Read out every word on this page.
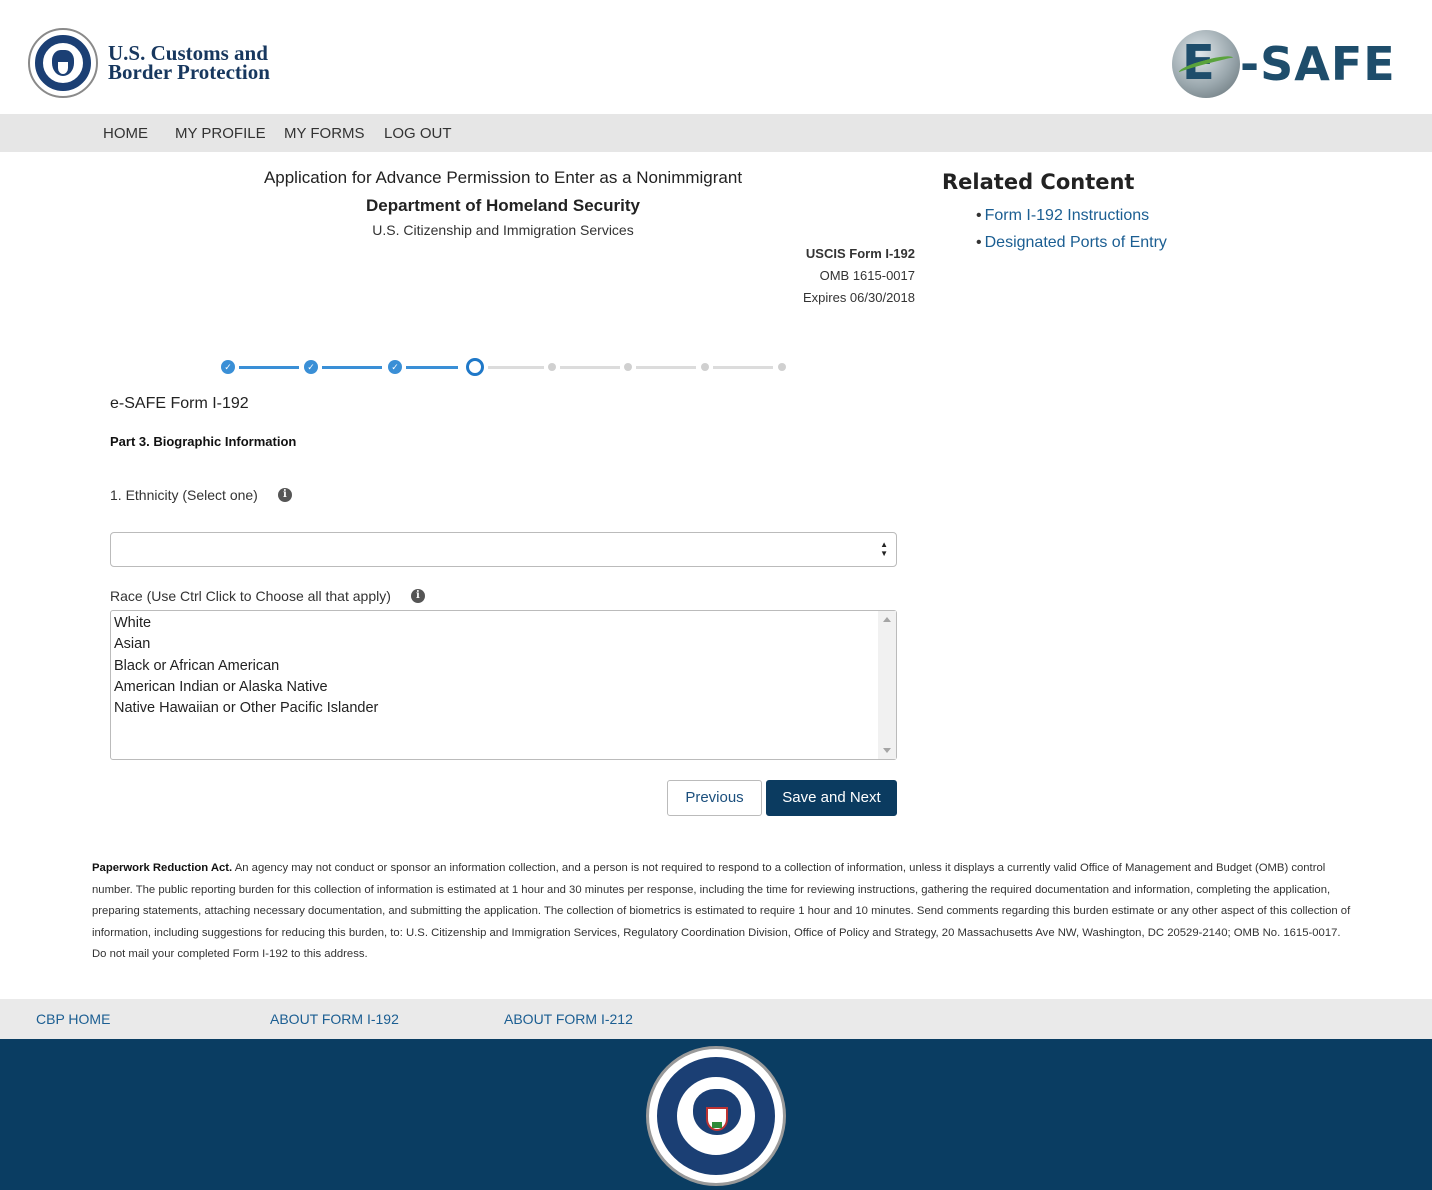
U.S. Customs and
Border Protection	E -SAFE
HOME MY PROFILE MY FORMS LOG OUT
Application for Advance Permission to Enter as a Nonimmigrant
Department of Homeland Security
U.S. Citizenship and Immigration Services
USCIS Form I-192
OMB 1615-0017
Expires 06/30/2018
Related Content
• Form I-192 Instructions
• Designated Ports of Entry
✓	✓	✓
e-SAFE Form I-192
Part 3. Biographic Information
1. Ethnicity (Select one)	i
▲
▼
Race (Use Ctrl Click to Choose all that apply)	i
White
Asian
Black or African American
American Indian or Alaska Native
Native Hawaiian or Other Pacific Islander
Previous	Save and Next
Paperwork Reduction Act. An agency may not conduct or sponsor an information collection, and a person is not required to respond to a collection of information, unless it displays a currently valid Office of Management and Budget (OMB) control number. The public reporting burden for this collection of information is estimated at 1 hour and 30 minutes per response, including the time for reviewing instructions, gathering the required documentation and information, completing the application, preparing statements, attaching necessary documentation, and submitting the application. The collection of biometrics is estimated to require 1 hour and 10 minutes. Send comments regarding this burden estimate or any other aspect of this collection of information, including suggestions for reducing this burden, to: U.S. Citizenship and Immigration Services, Regulatory Coordination Division, Office of Policy and Strategy, 20 Massachusetts Ave NW, Washington, DC 20529-2140; OMB No. 1615-0017. Do not mail your completed Form I-192 to this address.
CBP HOME	ABOUT FORM I-192	ABOUT FORM I-212
